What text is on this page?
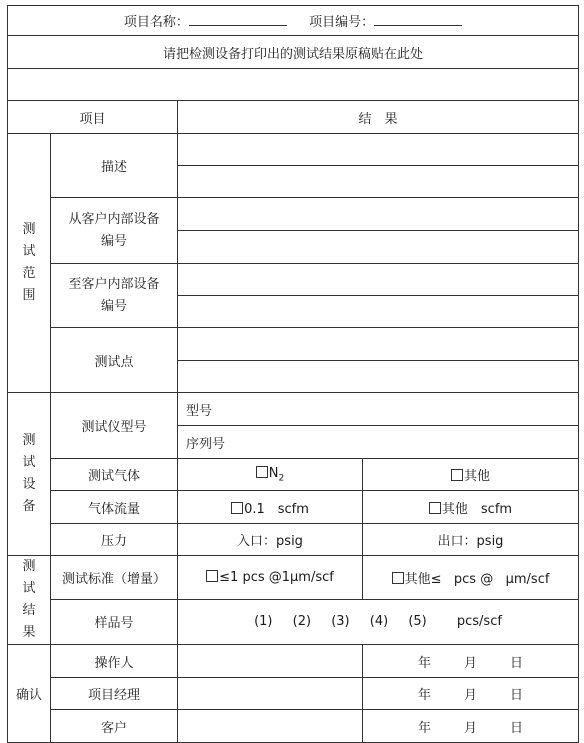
项目名称： 项目编号：			
请把检测设备打印出的测试结果原稿贴在此处			

项目		结　果	
测试范围	描述		

	从客户内部设备编号		

	至客户内部设备编号		

	测试点		

测试设备	测试仪型号	型号	
		序列号	
	测试气体	$N_2$	其他
	气体流量	0.1　scfm	其他　scfm
	压力	入口：psig	出口：psig
测试结果	测试标准（增量）	≤1 pcs @1μm/scf	其他≤ pcs @ μm/scf
	样品号	(1) (2) (3) (4) (5) pcs/scf	
确认	操作人		年 月 日
	项目经理		年 月 日
	客户		年 月 日
